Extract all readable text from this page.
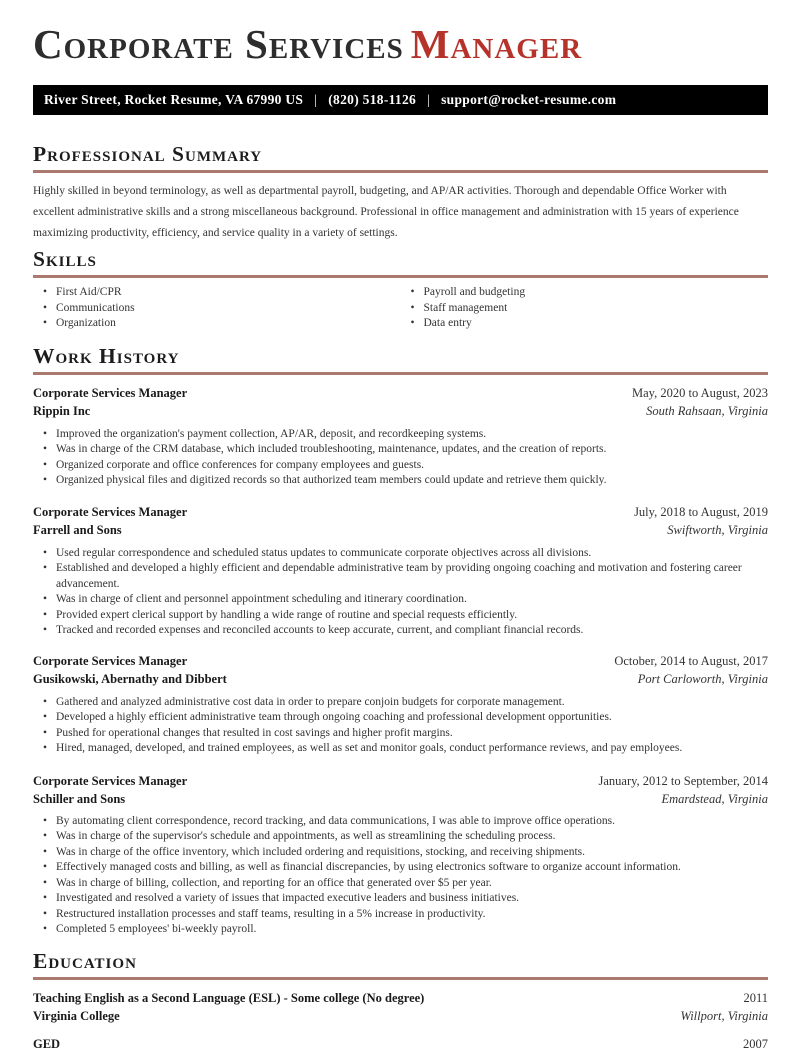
Corporate Services Manager
River Street, Rocket Resume, VA 67990 US | (820) 518-1126 | support@rocket-resume.com
Professional Summary

Highly skilled in beyond terminology, as well as departmental payroll, budgeting, and AP/AR activities. Thorough and dependable Office Worker with excellent administrative skills and a strong miscellaneous background. Professional in office management and administration with 15 years of experience maximizing productivity, efficiency, and service quality in a variety of settings.

Skills
• First Aid/CPR
• Communications
• Organization
• Payroll and budgeting
• Staff management
• Data entry
Work History
Corporate Services Manager	May, 2020 to August, 2023
Rippin Inc	South Rahsaan, Virginia
• Improved the organization's payment collection, AP/AR, deposit, and recordkeeping systems.
• Was in charge of the CRM database, which included troubleshooting, maintenance, updates, and the creation of reports.
• Organized corporate and office conferences for company employees and guests.
• Organized physical files and digitized records so that authorized team members could update and retrieve them quickly.
Corporate Services Manager	July, 2018 to August, 2019
Farrell and Sons	Swiftworth, Virginia
• Used regular correspondence and scheduled status updates to communicate corporate objectives across all divisions.
• Established and developed a highly efficient and dependable administrative team by providing ongoing coaching and motivation and fostering career advancement.
• Was in charge of client and personnel appointment scheduling and itinerary coordination.
• Provided expert clerical support by handling a wide range of routine and special requests efficiently.
• Tracked and recorded expenses and reconciled accounts to keep accurate, current, and compliant financial records.
Corporate Services Manager	October, 2014 to August, 2017
Gusikowski, Abernathy and Dibbert	Port Carloworth, Virginia
• Gathered and analyzed administrative cost data in order to prepare conjoin budgets for corporate management.
• Developed a highly efficient administrative team through ongoing coaching and professional development opportunities.
• Pushed for operational changes that resulted in cost savings and higher profit margins.
• Hired, managed, developed, and trained employees, as well as set and monitor goals, conduct performance reviews, and pay employees.
Corporate Services Manager	January, 2012 to September, 2014
Schiller and Sons	Emardstead, Virginia
• By automating client correspondence, record tracking, and data communications, I was able to improve office operations.
• Was in charge of the supervisor's schedule and appointments, as well as streamlining the scheduling process.
• Was in charge of the office inventory, which included ordering and requisitions, stocking, and receiving shipments.
• Effectively managed costs and billing, as well as financial discrepancies, by using electronics software to organize account information.
• Was in charge of billing, collection, and reporting for an office that generated over $5 per year.
• Investigated and resolved a variety of issues that impacted executive leaders and business initiatives.
• Restructured installation processes and staff teams, resulting in a 5% increase in productivity.
• Completed 5 employees' bi-weekly payroll.
Education
Teaching English as a Second Language (ESL) - Some college (No degree)	2011
Virginia College	Willport, Virginia
GED	2007
